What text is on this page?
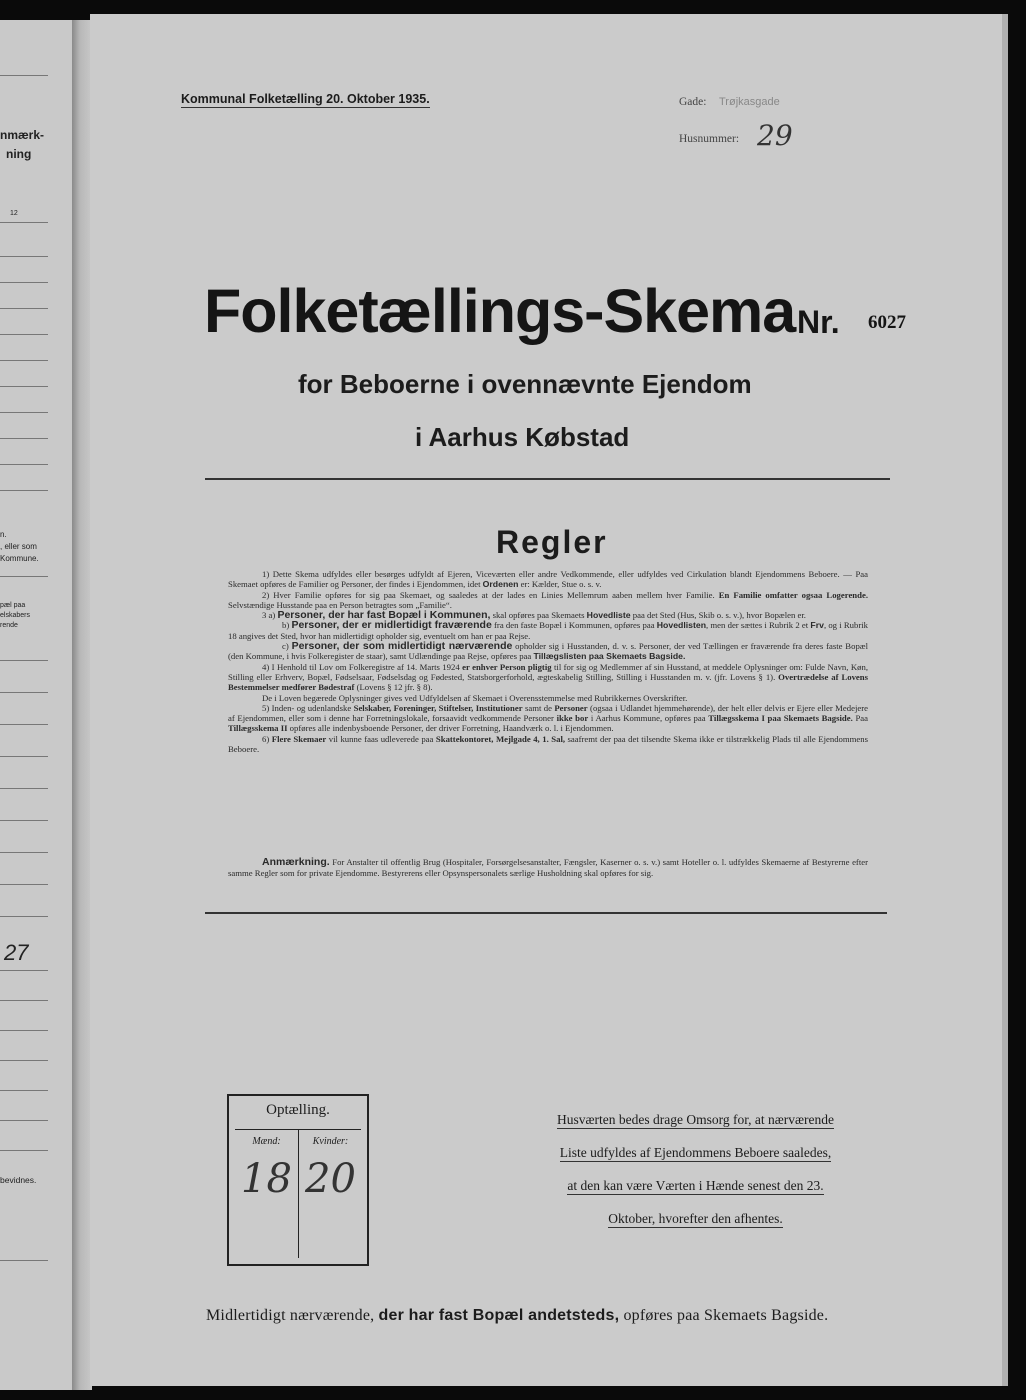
nmærk-
ning
12
n.
, eller som
Kommune.
pæl paa
elskabers
rende
27
bevidnes.
Kommunal Folketælling 20. Oktober 1935.	Gade: Trøjkasgade
Husnummer: 29
Folketællings-Skema Nr. 6027
for Beboerne i ovennævnte Ejendom
i Aarhus Købstad
Regler

1) Dette Skema udfyldes eller besørges udfyldt af Ejeren, Viceværten eller andre Vedkommende, eller udfyldes ved Cirkulation blandt Ejendommens Beboere. — Paa Skemaet opføres de Familier og Personer, der findes i Ejendommen, idet Ordenen er: Kælder, Stue o. s. v.

2) Hver Familie opføres for sig paa Skemaet, og saaledes at der lades en Linies Mellemrum aaben mellem hver Familie. En Familie omfatter ogsaa Logerende. Selvstændige Husstande paa en Person betragtes som „Familie“.

3 a) Personer, der har fast Bopæl i Kommunen, skal opføres paa Skemaets Hovedliste paa det Sted (Hus, Skib o. s. v.), hvor Bopælen er.

b) Personer, der er midlertidigt fraværende fra den faste Bopæl i Kommunen, opføres paa Hovedlisten, men der sættes i Rubrik 2 et Frv, og i Rubrik 18 angives det Sted, hvor han midlertidigt opholder sig, eventuelt om han er paa Rejse.

c) Personer, der som midlertidigt nærværende opholder sig i Husstanden, d. v. s. Personer, der ved Tællingen er fraværende fra deres faste Bopæl (den Kommune, i hvis Folkeregister de staar), samt Udlændinge paa Rejse, opføres paa Tillægslisten paa Skemaets Bagside.

4) I Henhold til Lov om Folkeregistre af 14. Marts 1924 er enhver Person pligtig til for sig og Medlemmer af sin Husstand, at meddele Oplysninger om: Fulde Navn, Køn, Stilling eller Erhverv, Bopæl, Fødselsaar, Fødselsdag og Fødested, Statsborgerforhold, ægteskabelig Stilling, Stilling i Husstanden m. v. (jfr. Lovens § 1). Overtrædelse af Lovens Bestemmelser medfører Bødestraf (Lovens § 12 jfr. § 8).

De i Loven begærede Oplysninger gives ved Udfyldelsen af Skemaet i Overensstemmelse med Rubrikkernes Overskrifter.

5) Inden- og udenlandske Selskaber, Foreninger, Stiftelser, Institutioner samt de Personer (ogsaa i Udlandet hjemmehørende), der helt eller delvis er Ejere eller Medejere af Ejendommen, eller som i denne har Forretningslokale, forsaavidt vedkommende Personer ikke bor i Aarhus Kommune, opføres paa Tillægsskema I paa Skemaets Bagside. Paa Tillægsskema II opføres alle indenbysboende Personer, der driver Forretning, Haandværk o. l. i Ejendommen.

6) Flere Skemaer vil kunne faas udleverede paa Skattekontoret, Mejlgade 4, 1. Sal, saafremt der paa det tilsendte Skema ikke er tilstrækkelig Plads til alle Ejendommens Beboere.

Anmærkning. For Anstalter til offentlig Brug (Hospitaler, Forsørgelsesanstalter, Fængsler, Kaserner o. s. v.) samt Hoteller o. l. udfyldes Skemaerne af Bestyrerne efter samme Regler som for private Ejendomme. Bestyrerens eller Opsynspersonalets særlige Husholdning skal opføres for sig.

Optælling.
Mænd:
18
Kvinder:
20
Husværten bedes drage Omsorg for, at nærværende
Liste udfyldes af Ejendommens Beboere saaledes,
at den kan være Værten i Hænde senest den 23.
Oktober, hvorefter den afhentes.
Midlertidigt nærværende, der har fast Bopæl andetsteds, opføres paa Skemaets Bagside.
